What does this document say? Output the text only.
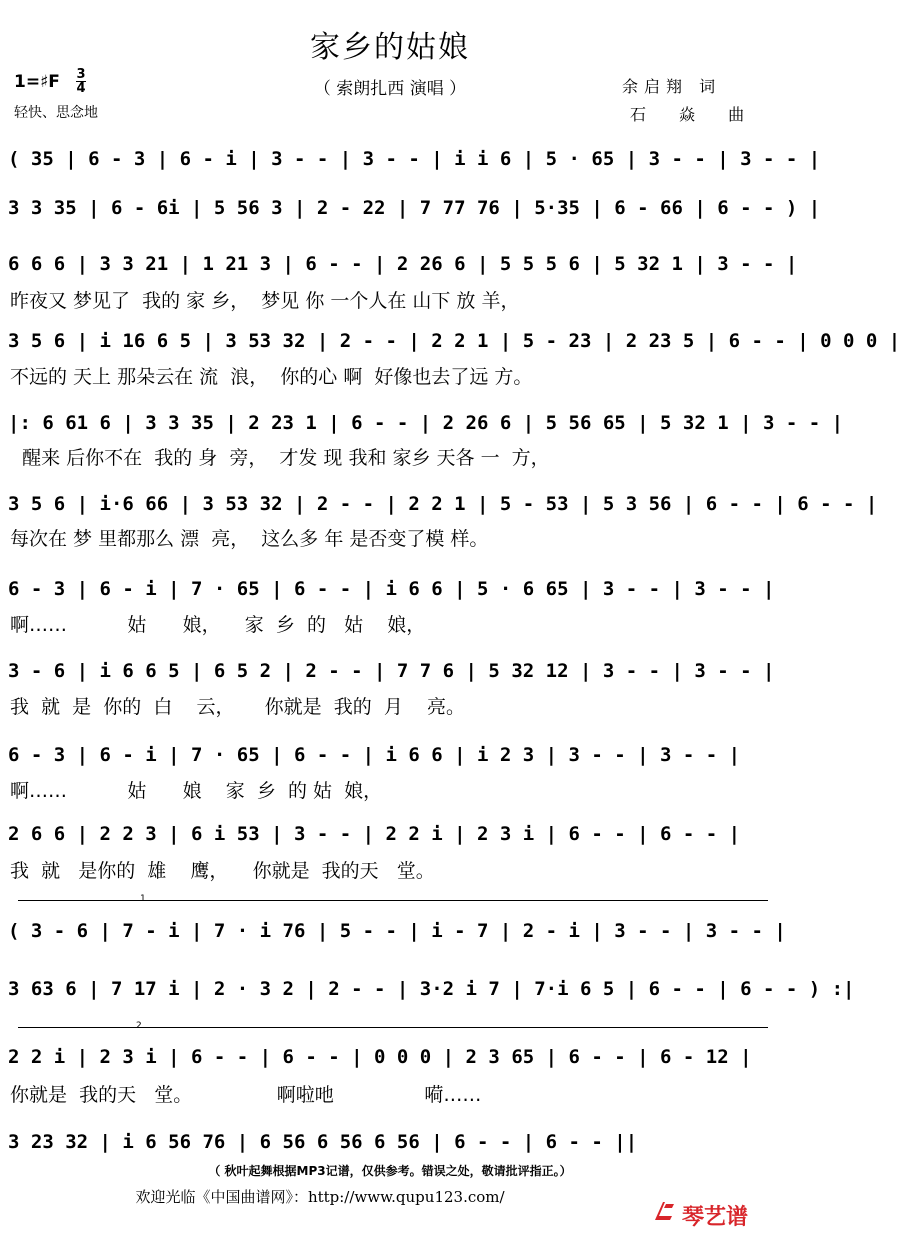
家乡的姑娘
（ 索朗扎西 演唱 ）
1=♯F 3
4
轻快、思念地
余启翔 词
石 焱 曲
( 35 | 6 - 3 | 6 - i | 3 - - | 3 - - | i i 6 | 5 · 65 | 3 - - | 3 - - |
3 3 35 | 6 - 6i | 5 56 3 | 2 - 22 | 7 77 76 | 5·35 | 6 - 66 | 6 - - ) |
6 6 6 | 3 3 21 | 1 21 3 | 6 - - | 2 26 6 | 5 5 5 6 | 5 32 1 | 3 - - |
昨夜又 梦见了  我的 家 乡，  梦见 你 一个人在 山下 放 羊，
3 5 6 | i 16 6 5 | 3 53 32 | 2 - - | 2 2 1 | 5 - 23 | 2 23 5 | 6 - - | 0 0 0 |
不远的 天上 那朵云在 流  浪，  你的心 啊  好像也去了远 方。
|: 6 61 6 | 3 3 35 | 2 23 1 | 6 - - | 2 26 6 | 5 56 65 | 5 32 1 | 3 - - |
醒来 后你不在  我的 身  旁，  才发 现 我和 家乡 天各 一  方，
3 5 6 | i·6 66 | 3 53 32 | 2 - - | 2 2 1 | 5 - 53 | 5 3 56 | 6 - - | 6 - - |
每次在 梦 里都那么 漂  亮，  这么多 年 是否变了模 样。
6 - 3 | 6 - i | 7 · 65 | 6 - - | i 6 6 | 5 · 6 65 | 3 - - | 3 - - |
啊……          姑      娘，    家  乡  的   姑    娘，
3 - 6 | i 6 6 5 | 6 5 2 | 2 - - | 7 7 6 | 5 32 12 | 3 - - | 3 - - |
我  就  是  你的  白    云，     你就是  我的  月    亮。
6 - 3 | 6 - i | 7 · 65 | 6 - - | i 6 6 | i 2 3 | 3 - - | 3 - - |
啊……          姑      娘    家  乡  的 姑  娘，
2 6 6 | 2 2 3 | 6 i 53 | 3 - - | 2 2 i | 2 3 i | 6 - - | 6 - - |
我  就   是你的  雄    鹰，    你就是  我的天   堂。
( 3 - 6 | 7 - i | 7 · i 76 | 5 - - | i - 7 | 2 - i | 3 - - | 3 - - |
3 63 6 | 7 17 i | 2 · 3 2 | 2 - - | 3·2 i 7 | 7·i 6 5 | 6 - - | 6 - - ) :|
2 2 i | 2 3 i | 6 - - | 6 - - | 0 0 0 | 2 3 65 | 6 - - | 6 - 12 |
你就是  我的天   堂。              啊啦吔               嗬……
3 23 32 | i 6 56 76 | 6 56 6 56 6 56 | 6 - - | 6 - - ||
1
2
（ 秋叶起舞根据MP3记谱，仅供参考。错误之处，敬请批评指正。）
欢迎光临《中国曲谱网》：http://www.qupu123.com/
琴艺谱
